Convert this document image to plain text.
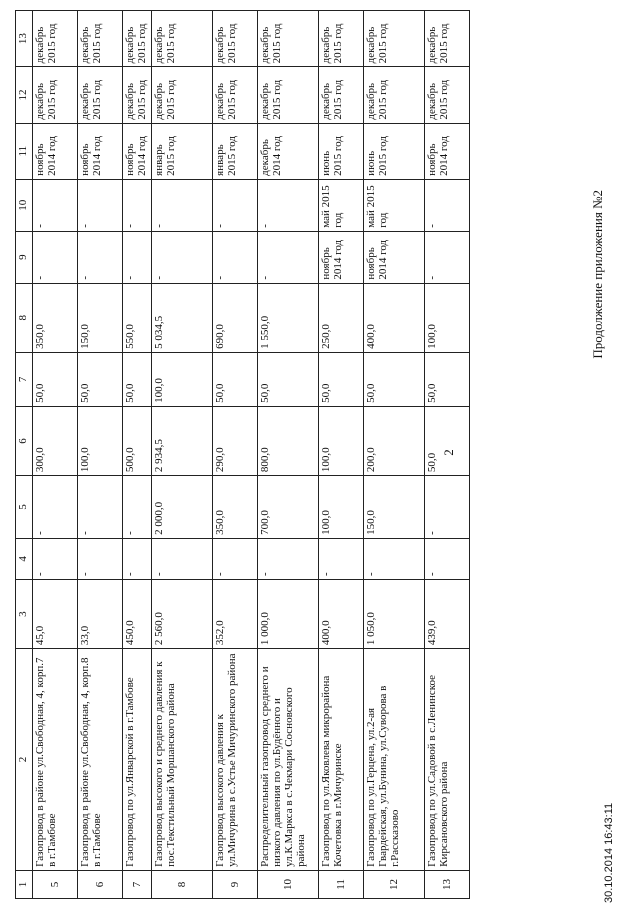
2
Продолжение приложения №2
1	2	3	4	5	6	7	8	9	10	11	12	13
5	Газопровод в районе ул.Свободная, 4, корп.7 в г.Тамбове	45,0	-	-	300,0	50,0	350,0	-	-	ноябрь 2014 год	декабрь 2015 год	декабрь 2015 год
6	Газопровод в районе ул.Свободная, 4, корп.8 в г.Тамбове	33,0	-	-	100,0	50,0	150,0	-	-	ноябрь 2014 год	декабрь 2015 год	декабрь 2015 год
7	Газопровод по ул.Январской в г.Тамбове	450,0	-	-	500,0	50,0	550,0	-	-	ноябрь 2014 год	декабрь 2015 год	декабрь 2015 год
8	Газопровод высокого и среднего давления к пос.Текстильный Моршанского района	2 560,0	-	2 000,0	2 934,5	100,0	5 034,5	-	-	январь 2015 год	декабрь 2015 год	декабрь 2015 год
9	Газопровод высокого давления к ул.Мичурина в с.Устье Мичуринского района	352,0	-	350,0	290,0	50,0	690,0	-	-	январь 2015 год	декабрь 2015 год	декабрь 2015 год
10	Распределительный газопровод среднего и низкого давления по ул.Будённого и ул.К.Маркса в с.Чекмари Сосновского района	1 000,0	-	700,0	800,0	50,0	1 550,0	-	-	декабрь 2014 год	декабрь 2015 год	декабрь 2015 год
11	Газопровод по ул.Яковлева микрорайона Кочетовка в г.Мичуринске	400,0	-	100,0	100,0	50,0	250,0	ноябрь 2014 год	май 2015 год	июнь 2015 год	декабрь 2015 год	декабрь 2015 год
12	Газопровод по ул.Герцена, ул.2-ая Гвардейская, ул.Бунина, ул.Суворова в г.Рассказово	1 050,0	-	150,0	200,0	50,0	400,0	ноябрь 2014 год	май 2015 год	июнь 2015 год	декабрь 2015 год	декабрь 2015 год
13	Газопровод по ул.Садовой в с.Ленинское Кирсановского района	439,0	-	-	50,0	50,0	100,0	-	-	ноябрь 2014 год	декабрь 2015 год	декабрь 2015 год
30.10.2014 16:43:11
